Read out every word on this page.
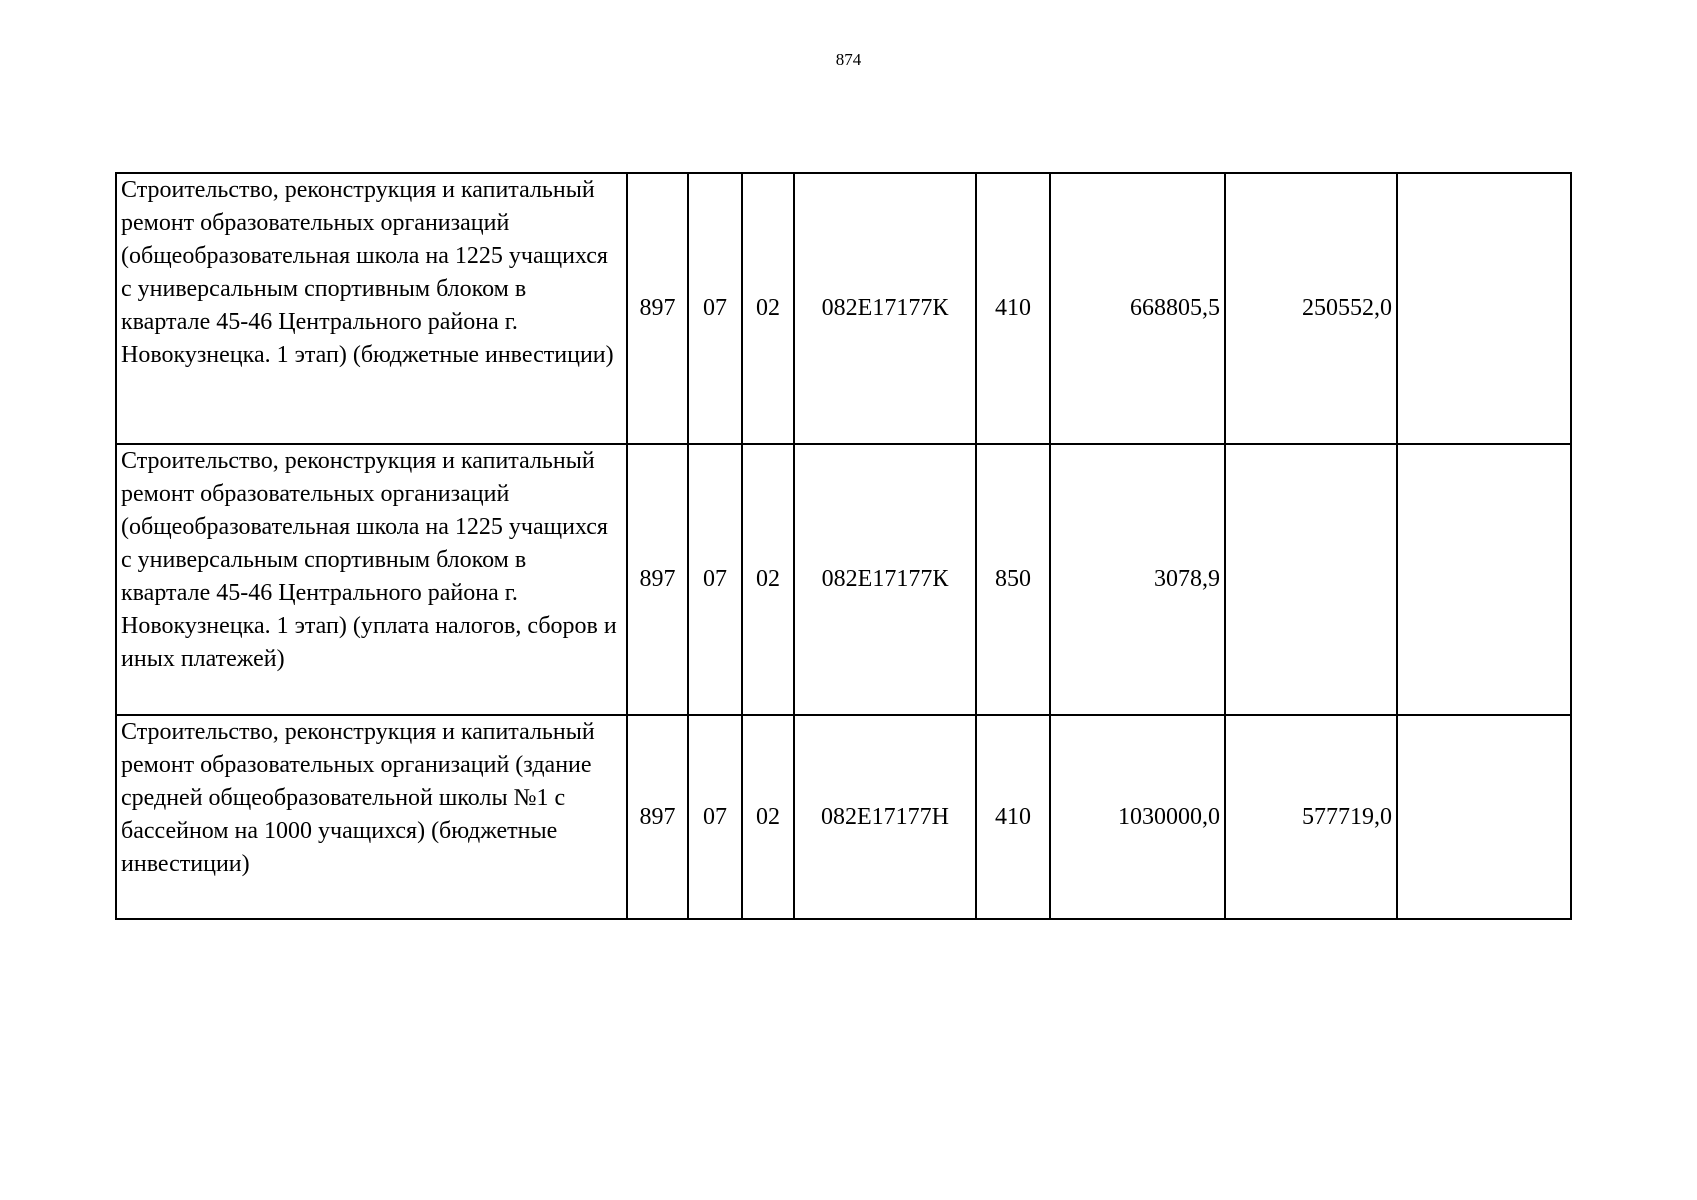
874
Строительство, реконструкция и капитальный ремонт образовательных организаций (общеобразовательная школа на 1225 учащихся с универсальным спортивным блоком в квартале 45-46 Центрального района г. Новокузнецка. 1 этап) (бюджетные инвестиции)	897	07	02	082E17177К	410	668805,5	250552,0	
Строительство, реконструкция и капитальный ремонт образовательных организаций (общеобразовательная школа на 1225 учащихся с универсальным спортивным блоком в квартале 45-46 Центрального района г. Новокузнецка. 1 этап) (уплата налогов, сборов и иных платежей)	897	07	02	082E17177К	850	3078,9		
Строительство, реконструкция и капитальный ремонт образовательных организаций (здание средней общеобразовательной школы №1 с бассейном на 1000 учащихся) (бюджетные инвестиции)	897	07	02	082E17177Н	410	1030000,0	577719,0	
